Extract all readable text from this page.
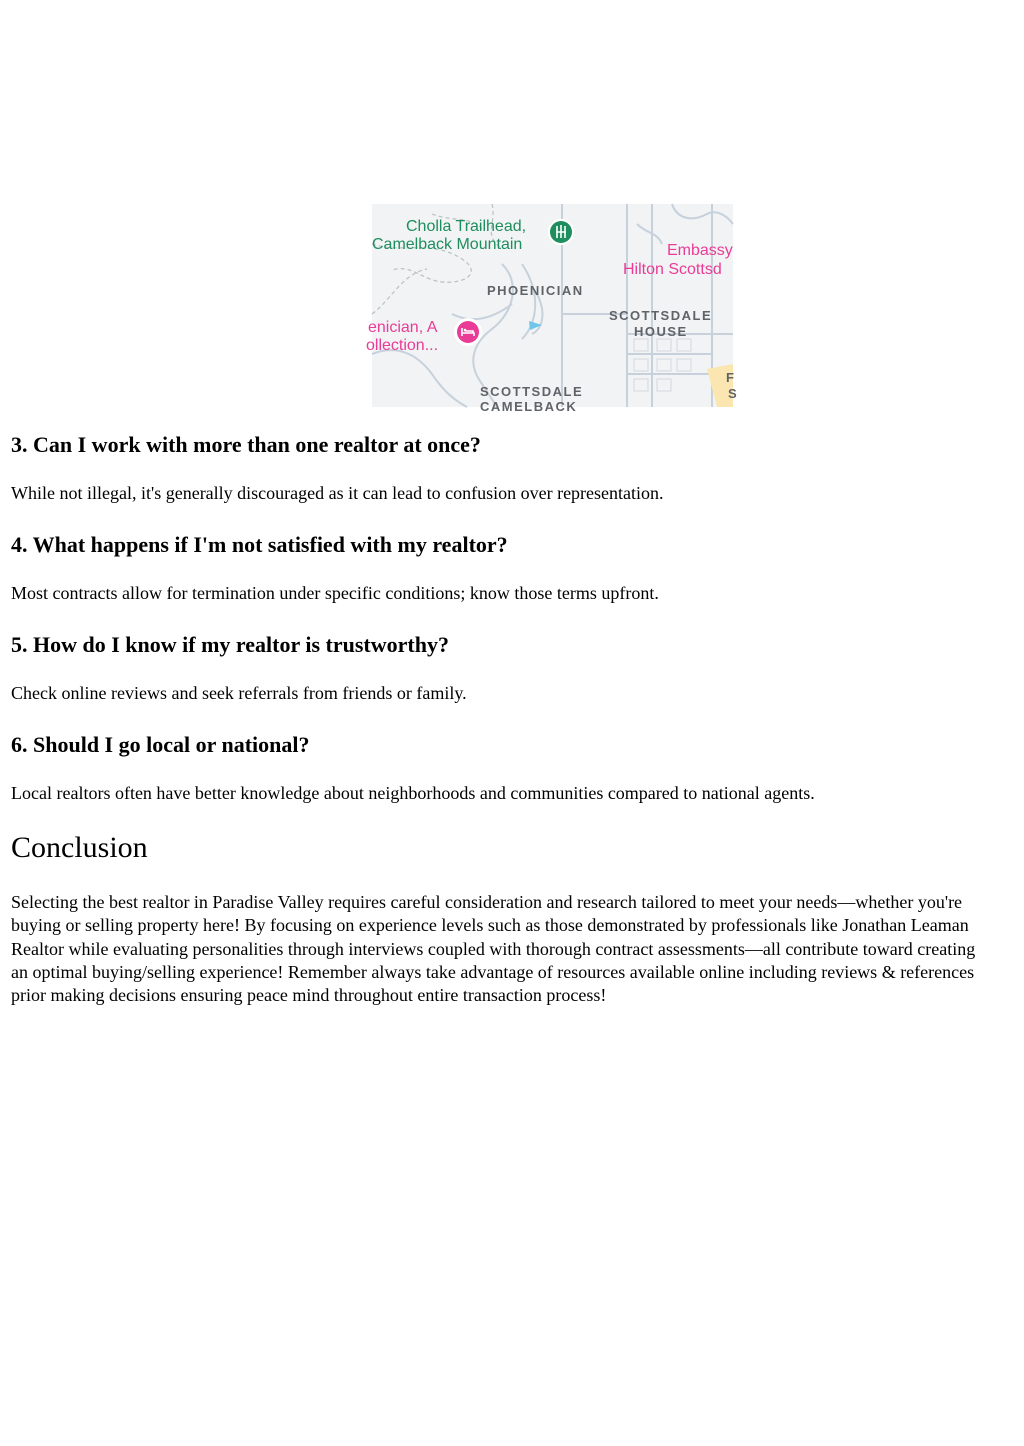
Cholla Trailhead,
Camelback Mountain	Embassy
Hilton Scottsd
PHOENICIAN
SCOTTSDALE
HOUSE
enician, A
ollection...
SCOTTSDALE
CAMELBACK
F
S
3. Can I work with more than one realtor at once?

While not illegal, it's generally discouraged as it can lead to confusion over representation.

4. What happens if I'm not satisfied with my realtor?

Most contracts allow for termination under specific conditions; know those terms upfront.

5. How do I know if my realtor is trustworthy?

Check online reviews and seek referrals from friends or family.

6. Should I go local or national?

Local realtors often have better knowledge about neighborhoods and communities compared to national agents.

Conclusion

Selecting the best realtor in Paradise Valley requires careful consideration and research tailored to meet your needs—whether you're buying or selling property here! By focusing on experience levels such as those demonstrated by professionals like Jonathan Leaman Realtor while evaluating personalities through interviews coupled with thorough contract assessments—all contribute toward creating an optimal buying/selling experience! Remember always take advantage of resources available online including reviews & references prior making decisions ensuring peace mind throughout entire transaction process!
